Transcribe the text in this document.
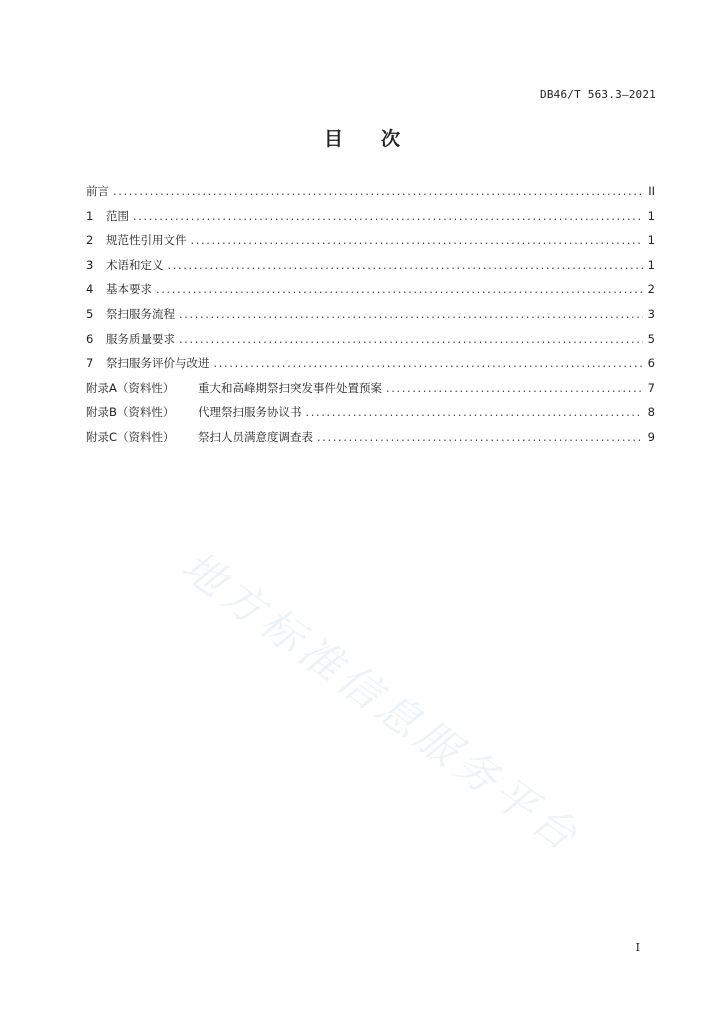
DB46/T 563.3—2021
目 次
前言 .....	II
1	范围 .....	1
2	规范性引用文件 .....	1
3	术语和定义 .....	1
4	基本要求 .....	2
5	祭扫服务流程 .....	3
6	服务质量要求 .....	5
7	祭扫服务评价与改进 .....	6
附录A（资料性）	重大和高峰期祭扫突发事件处置预案 .....	7
附录B（资料性）	代理祭扫服务协议书 .....	8
附录C（资料性）	祭扫人员满意度调查表 .....	9
地方标准信息服务平台
I
